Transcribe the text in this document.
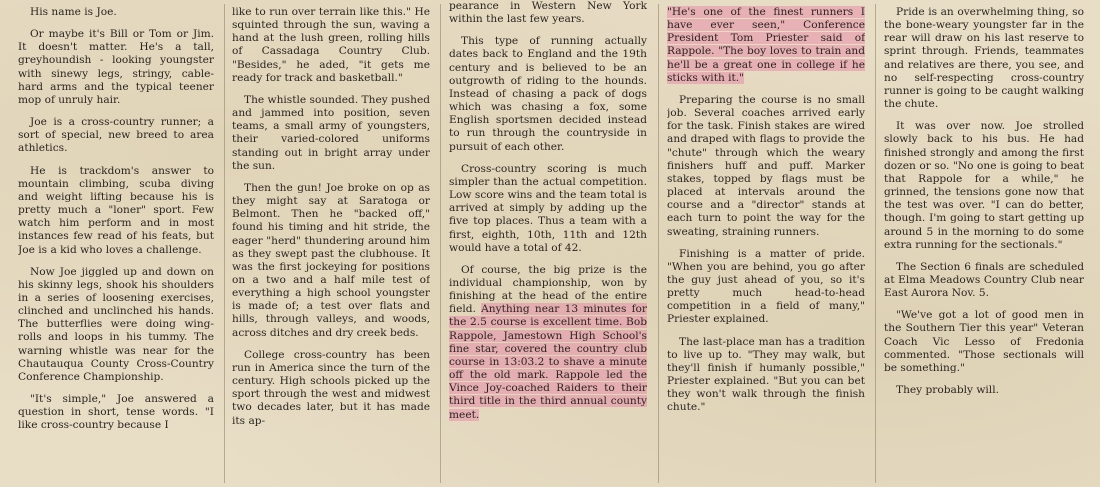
His name is Joe.

Or maybe it's Bill or Tom or Jim. It doesn't matter. He's a tall, greyhoundish - looking youngster with sinewy legs, stringy, cable-hard arms and the typical teener mop of unruly hair.

Joe is a cross-country runner; a sort of special, new breed to area athletics.

He is trackdom's answer to mountain climbing, scuba diving and weight lifting because his is pretty much a "loner" sport. Few watch him perform and in most instances few read of his feats, but Joe is a kid who loves a challenge.

Now Joe jiggled up and down on his skinny legs, shook his shoulders in a series of loosening exercises, clinched and unclinched his hands. The butterflies were doing wing-rolls and loops in his tummy. The warning whistle was near for the Chautauqua County Cross-Country Conference Championship.

"It's simple," Joe answered a question in short, tense words. "I like cross-country because I

like to run over terrain like this." He squinted through the sun, waving a hand at the lush green, rolling hills of Cassadaga Country Club. "Besides," he aded, "it gets me ready for track and basketball."

The whistle sounded. They pushed and jammed into position, seven teams, a small army of youngsters, their varied-colored uniforms standing out in bright array under the sun.

Then the gun! Joe broke on op as they might say at Saratoga or Belmont. Then he "backed off," found his timing and hit stride, the eager "herd" thundering around him as they swept past the clubhouse. It was the first jockeying for positions on a two and a half mile test of everything a high school youngster is made of; a test over flats and hills, through valleys, and woods, across ditches and dry creek beds.

College cross-country has been run in America since the turn of the century. High schools picked up the sport through the west and midwest two decades later, but it has made its ap-

pearance in Western New York within the last few years.

This type of running actually dates back to England and the 19th century and is believed to be an outgrowth of riding to the hounds. Instead of chasing a pack of dogs which was chasing a fox, some English sportsmen decided instead to run through the countryside in pursuit of each other.

Cross-country scoring is much simpler than the actual competition. Low score wins and the team total is arrived at simply by adding up the five top places. Thus a team with a first, eighth, 10th, 11th and 12th would have a total of 42.

Of course, the big prize is the individual championship, won by finishing at the head of the entire field. Anything near 13 minutes for the 2.5 course is excellent time. Bob Rappole, Jamestown High School's fine star, covered the country club course in 13:03.2 to shave a minute off the old mark. Rappole led the Vince Joy-coached Raiders to their third title in the third annual county meet.

"He's one of the finest runners I have ever seen," Conference President Tom Priester said of Rappole. "The boy loves to train and he'll be a great one in college if he sticks with it."

Preparing the course is no small job. Several coaches arrived early for the task. Finish stakes are wired and draped with flags to provide the "chute" through which the weary finishers huff and puff. Marker stakes, topped by flags must be placed at intervals around the course and a "director" stands at each turn to point the way for the sweating, straining runners.

Finishing is a matter of pride. "When you are behind, you go after the guy just ahead of you, so it's pretty much head-to-head competition in a field of many," Priester explained.

The last-place man has a tradition to live up to. "They may walk, but they'll finish if humanly possible," Priester explained. "But you can bet they won't walk through the finish chute."

Pride is an overwhelming thing, so the bone-weary youngster far in the rear will draw on his last reserve to sprint through. Friends, teammates and relatives are there, you see, and no self-respecting cross-country runner is going to be caught walking the chute.

It was over now. Joe strolled slowly back to his bus. He had finished strongly and among the first dozen or so. "No one is going to beat that Rappole for a while," he grinned, the tensions gone now that the test was over. "I can do better, though. I'm going to start getting up around 5 in the morning to do some extra running for the sectionals."

The Section 6 finals are scheduled at Elma Meadows Country Club near East Aurora Nov. 5.

"We've got a lot of good men in the Southern Tier this year" Veteran Coach Vic Lesso of Fredonia commented. "Those sectionals will be something."

They probably will.
